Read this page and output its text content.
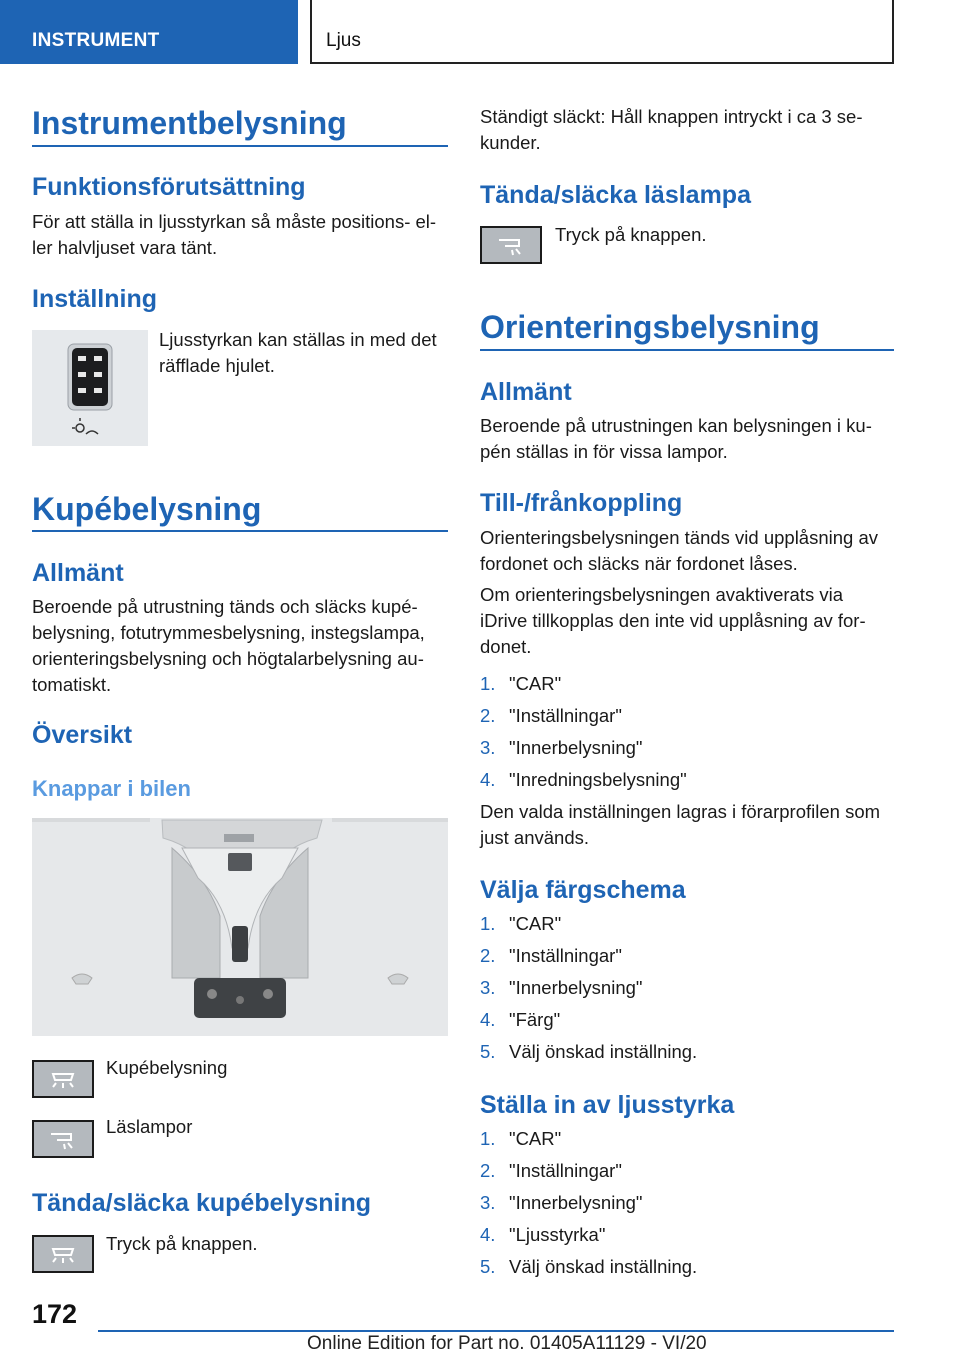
INSTRUMENT	Ljus
Instrumentbelysning
Funktionsförutsättning
För att ställa in ljusstyrkan så måste positions- eller halvljuset vara tänt.
Inställning
Ljusstyrkan kan ställas in med det räfflade hjulet.
Kupébelysning
Allmänt
Beroende på utrustning tänds och släcks kupébelysning, fotutrymmesbelysning, instegslampa, orienteringsbelysning och högtalarbelysning automatiskt.
Översikt
Knappar i bilen
Kupébelysning
Läslampor
Tända/släcka kupébelysning
Tryck på knappen.
Ständigt släckt: Håll knappen intryckt i ca 3 sekunder.
Tända/släcka läslampa
Tryck på knappen.
Orienteringsbelysning
Allmänt
Beroende på utrustningen kan belysningen i kupén ställas in för vissa lampor.
Till-/frånkoppling
Orienteringsbelysningen tänds vid upplåsning av fordonet och släcks när fordonet låses.
Om orienteringsbelysningen avaktiverats via iDrive tillkopplas den inte vid upplåsning av fordonet.
1. "CAR"
2. "Inställningar"
3. "Innerbelysning"
4. "Inredningsbelysning"
Den valda inställningen lagras i förarprofilen som just används.
Välja färgschema
1. "CAR"
2. "Inställningar"
3. "Innerbelysning"
4. "Färg"
5. Välj önskad inställning.
Ställa in av ljusstyrka
1. "CAR"
2. "Inställningar"
3. "Innerbelysning"
4. "Ljusstyrka"
5. Välj önskad inställning.
172
Online Edition for Part no. 01405A11129 - VI/20
